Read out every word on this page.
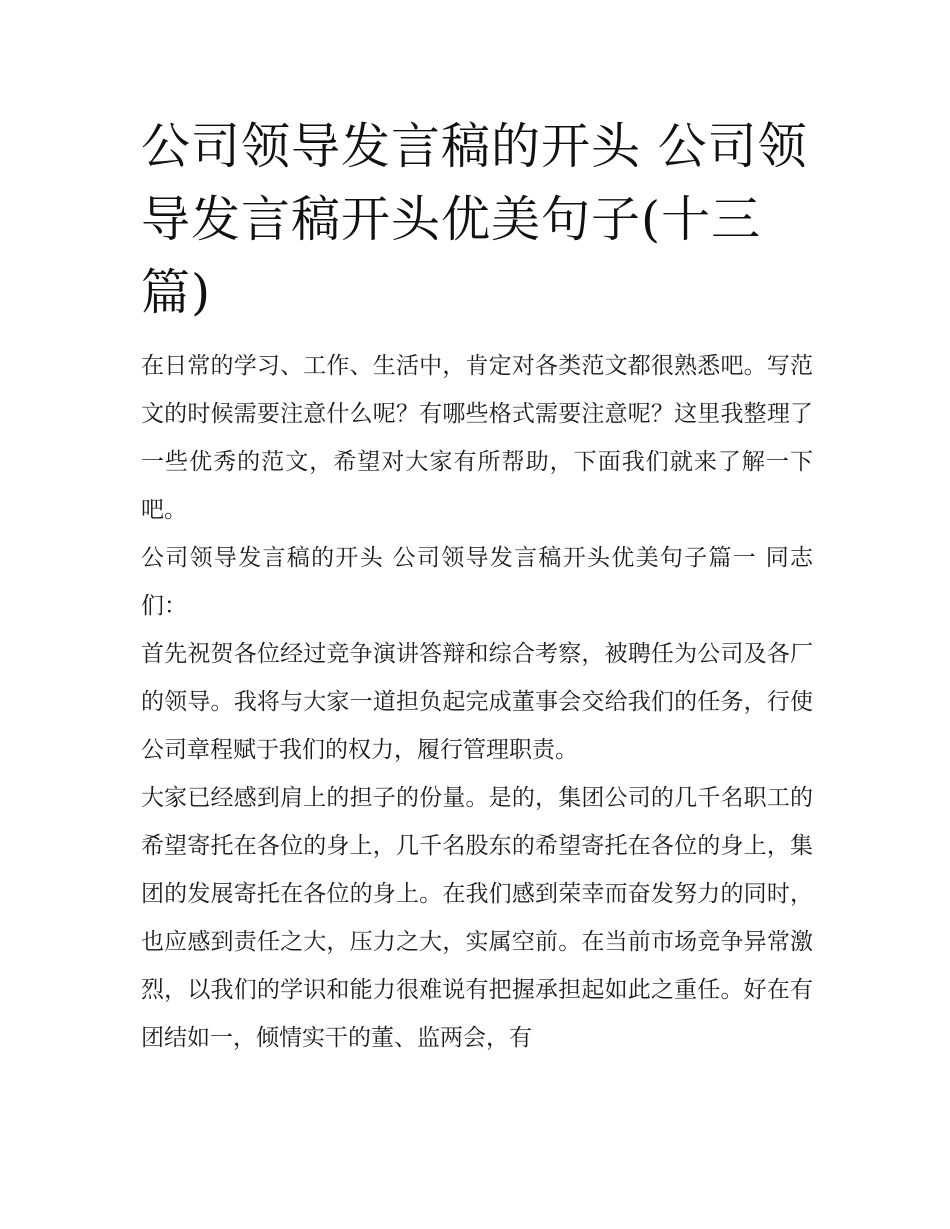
公司领导发言稿的开头 公司领导发言稿开头优美句子(十三篇)

在日常的学习、工作、生活中，肯定对各类范文都很熟悉吧。写范文的时候需要注意什么呢？有哪些格式需要注意呢？这里我整理了一些优秀的范文，希望对大家有所帮助，下面我们就来了解一下吧。

公司领导发言稿的开头 公司领导发言稿开头优美句子篇一 同志们：

首先祝贺各位经过竞争演讲答辩和综合考察，被聘任为公司及各厂的领导。我将与大家一道担负起完成董事会交给我们的任务，行使公司章程赋于我们的权力，履行管理职责。

大家已经感到肩上的担子的份量。是的，集团公司的几千名职工的希望寄托在各位的身上，几千名股东的希望寄托在各位的身上，集团的发展寄托在各位的身上。在我们感到荣幸而奋发努力的同时，也应感到责任之大，压力之大，实属空前。在当前市场竞争异常激烈，以我们的学识和能力很难说有把握承担起如此之重任。好在有团结如一，倾情实干的董、监两会，有
